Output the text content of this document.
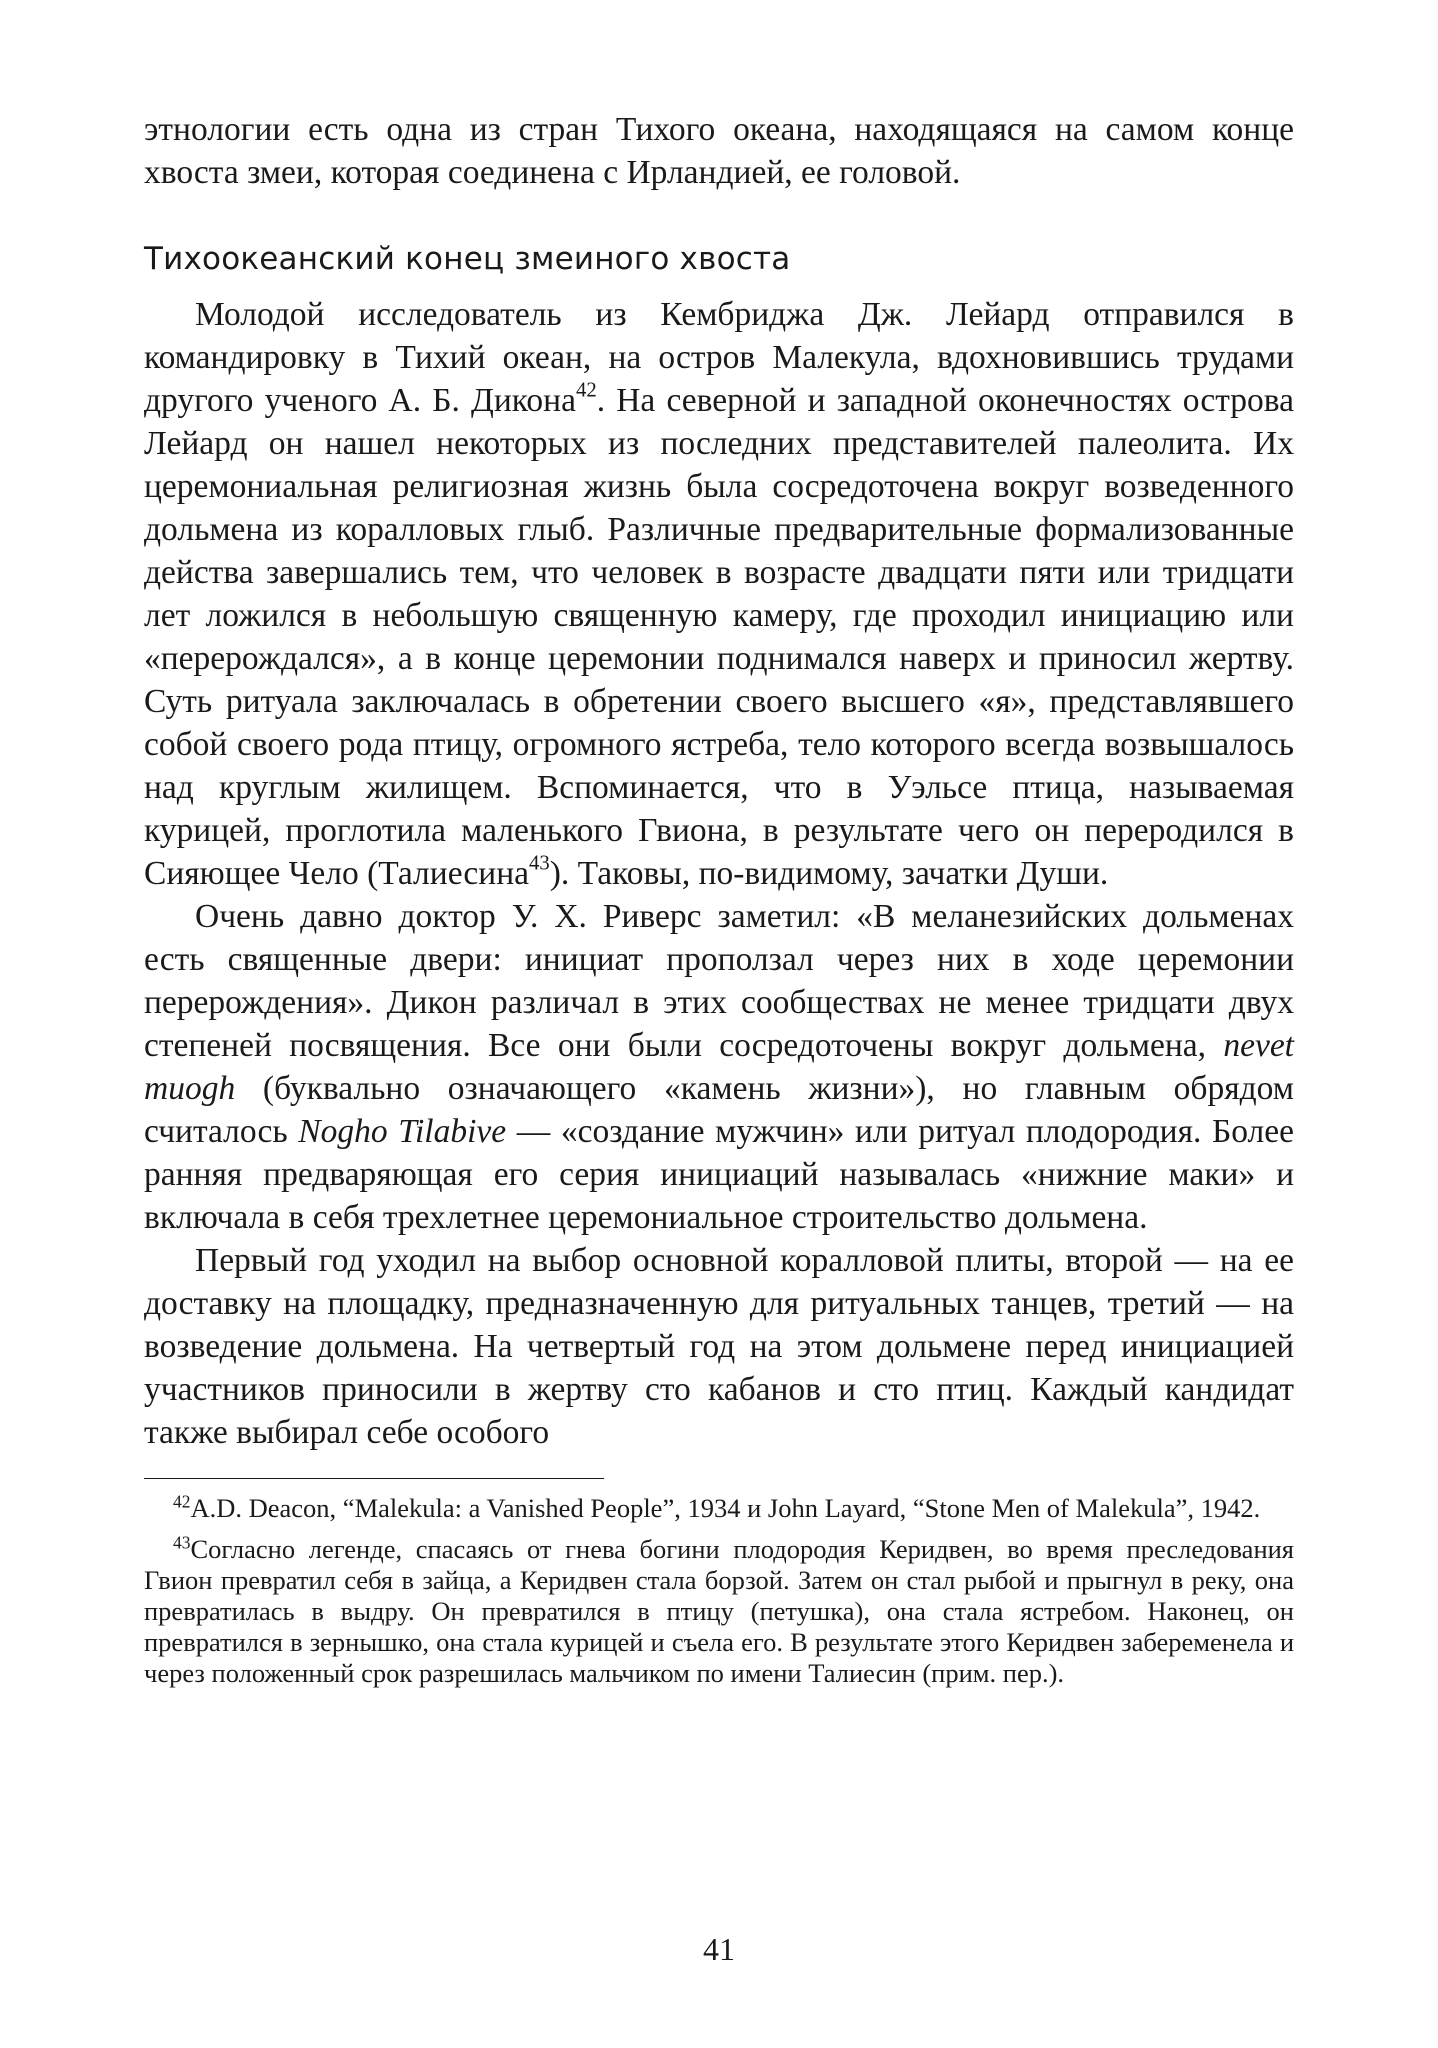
этнологии есть одна из стран Тихого океана, находящаяся на самом конце хвоста змеи, которая соединена с Ирландией, ее головой.

Тихоокеанский конец змеиного хвоста

Молодой исследователь из Кембриджа Дж. Лейард отправился в командировку в Тихий океан, на остров Малекула, вдохновившись трудами другого ученого А. Б. Дикона$^{42}$. На северной и западной оконечностях острова Лейард он нашел некоторых из последних представителей палеолита. Их церемониальная религиозная жизнь была сосредоточена вокруг возведенного дольмена из коралловых глыб. Различные предварительные формализованные действа завершались тем, что человек в возрасте двадцати пяти или тридцати лет ложился в небольшую священную камеру, где проходил инициацию или «перерождался», а в конце церемонии поднимался наверх и приносил жертву. Суть ритуала заключалась в обретении своего высшего «я», представлявшего собой своего рода птицу, огромного ястреба, тело которого всегда возвышалось над круглым жилищем. Вспоминается, что в Уэльсе птица, называемая курицей, проглотила маленького Гвиона, в результате чего он переродился в Сияющее Чело (Талиесина$^{43}$). Таковы, по-видимому, зачатки Души.

Очень давно доктор У. Х. Риверс заметил: «В меланезийских дольменах есть священные двери: инициат проползал через них в ходе церемонии перерождения». Дикон различал в этих сообществах не менее тридцати двух степеней посвящения. Все они были сосредоточены вокруг дольмена, nevet muogh (буквально означающего «камень жизни»), но главным обрядом считалось Nogho Tilabive — «создание мужчин» или ритуал плодородия. Более ранняя предваряющая его серия инициаций называлась «нижние маки» и включала в себя трехлетнее церемониальное строительство дольмена.

Первый год уходил на выбор основной коралловой плиты, второй — на ее доставку на площадку, предназначенную для ритуальных танцев, третий — на возведение дольмена. На четвертый год на этом дольмене перед инициацией участников приносили в жертву сто кабанов и сто птиц. Каждый кандидат также выбирал себе особого

$^{42}$A.D. Deacon, “Malekula: a Vanished People”, 1934 и John Layard, “Stone Men of Malekula”, 1942.

$^{43}$Согласно легенде, спасаясь от гнева богини плодородия Керидвен, во время преследования Гвион превратил себя в зайца, а Керидвен стала борзой. Затем он стал рыбой и прыгнул в реку, она превратилась в выдру. Он превратился в птицу (петушка), она стала ястребом. Наконец, он превратился в зернышко, она стала курицей и съела его. В результате этого Керидвен забеременела и через положенный срок разрешилась мальчиком по имени Талиесин (прим. пер.).

41
